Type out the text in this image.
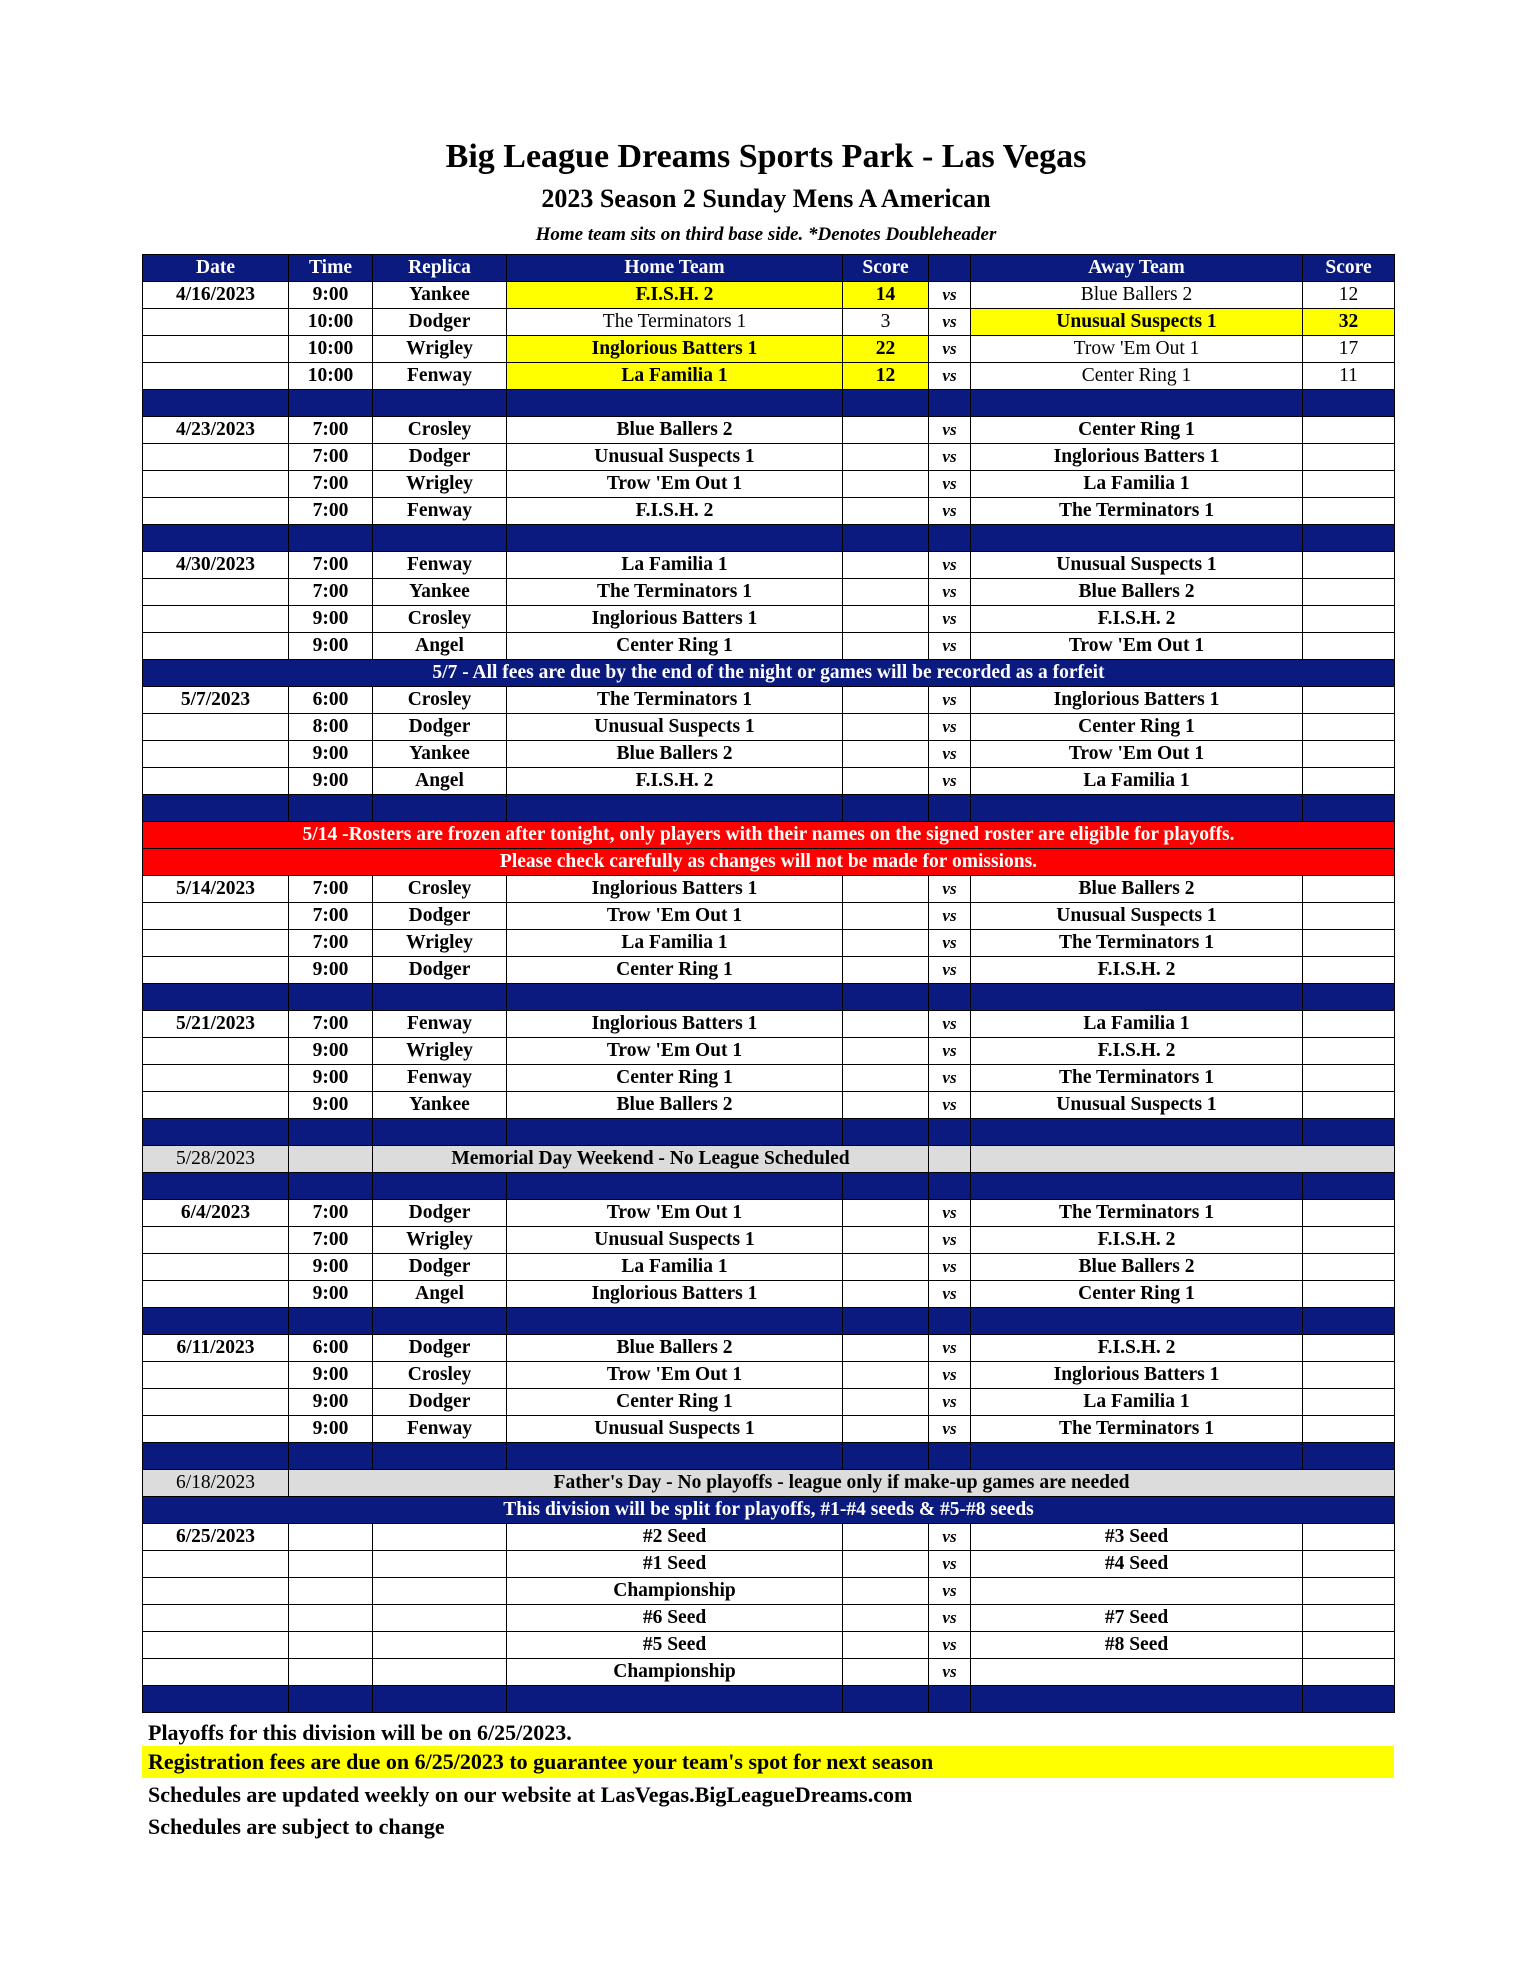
Big League Dreams Sports Park - Las Vegas
2023 Season 2 Sunday Mens A American
Home team sits on third base side. *Denotes Doubleheader
Date	Time	Replica	Home Team	Score		Away Team	Score
4/16/2023	9:00	Yankee	F.I.S.H. 2	14	vs	Blue Ballers 2	12
	10:00	Dodger	The Terminators 1	3	vs	Unusual Suspects 1	32
	10:00	Wrigley	Inglorious Batters 1	22	vs	Trow 'Em Out 1	17
	10:00	Fenway	La Familia 1	12	vs	Center Ring 1	11

4/23/2023	7:00	Crosley	Blue Ballers 2		vs	Center Ring 1	
	7:00	Dodger	Unusual Suspects 1		vs	Inglorious Batters 1	
	7:00	Wrigley	Trow 'Em Out 1		vs	La Familia 1	
	7:00	Fenway	F.I.S.H. 2		vs	The Terminators 1	

4/30/2023	7:00	Fenway	La Familia 1		vs	Unusual Suspects 1	
	7:00	Yankee	The Terminators 1		vs	Blue Ballers 2	
	9:00	Crosley	Inglorious Batters 1		vs	F.I.S.H. 2	
	9:00	Angel	Center Ring 1		vs	Trow 'Em Out 1	
5/7 - All fees are due by the end of the night or games will be recorded as a forfeit							
5/7/2023	6:00	Crosley	The Terminators 1		vs	Inglorious Batters 1	
	8:00	Dodger	Unusual Suspects 1		vs	Center Ring 1	
	9:00	Yankee	Blue Ballers 2		vs	Trow 'Em Out 1	
	9:00	Angel	F.I.S.H. 2		vs	La Familia 1	

5/14 -Rosters are frozen after tonight, only players with their names on the signed roster are eligible for playoffs.							
Please check carefully as changes will not be made for omissions.							
5/14/2023	7:00	Crosley	Inglorious Batters 1		vs	Blue Ballers 2	
	7:00	Dodger	Trow 'Em Out 1		vs	Unusual Suspects 1	
	7:00	Wrigley	La Familia 1		vs	The Terminators 1	
	9:00	Dodger	Center Ring 1		vs	F.I.S.H. 2	

5/21/2023	7:00	Fenway	Inglorious Batters 1		vs	La Familia 1	
	9:00	Wrigley	Trow 'Em Out 1		vs	F.I.S.H. 2	
	9:00	Fenway	Center Ring 1		vs	The Terminators 1	
	9:00	Yankee	Blue Ballers 2		vs	Unusual Suspects 1	

5/28/2023		Memorial Day Weekend - No League Scheduled					

6/4/2023	7:00	Dodger	Trow 'Em Out 1		vs	The Terminators 1	
	7:00	Wrigley	Unusual Suspects 1		vs	F.I.S.H. 2	
	9:00	Dodger	La Familia 1		vs	Blue Ballers 2	
	9:00	Angel	Inglorious Batters 1		vs	Center Ring 1	

6/11/2023	6:00	Dodger	Blue Ballers 2		vs	F.I.S.H. 2	
	9:00	Crosley	Trow 'Em Out 1		vs	Inglorious Batters 1	
	9:00	Dodger	Center Ring 1		vs	La Familia 1	
	9:00	Fenway	Unusual Suspects 1		vs	The Terminators 1	

6/18/2023	Father's Day - No playoffs - league only if make-up games are needed						
This division will be split for playoffs, #1-#4 seeds & #5-#8 seeds							
6/25/2023			#2 Seed		vs	#3 Seed	
			#1 Seed		vs	#4 Seed	
			Championship		vs		
			#6 Seed		vs	#7 Seed	
			#5 Seed		vs	#8 Seed	
			Championship		vs		

Playoffs for this division will be on 6/25/2023.
Registration fees are due on 6/25/2023 to guarantee your team's spot for next season
Schedules are updated weekly on our website at LasVegas.BigLeagueDreams.com
Schedules are subject to change
